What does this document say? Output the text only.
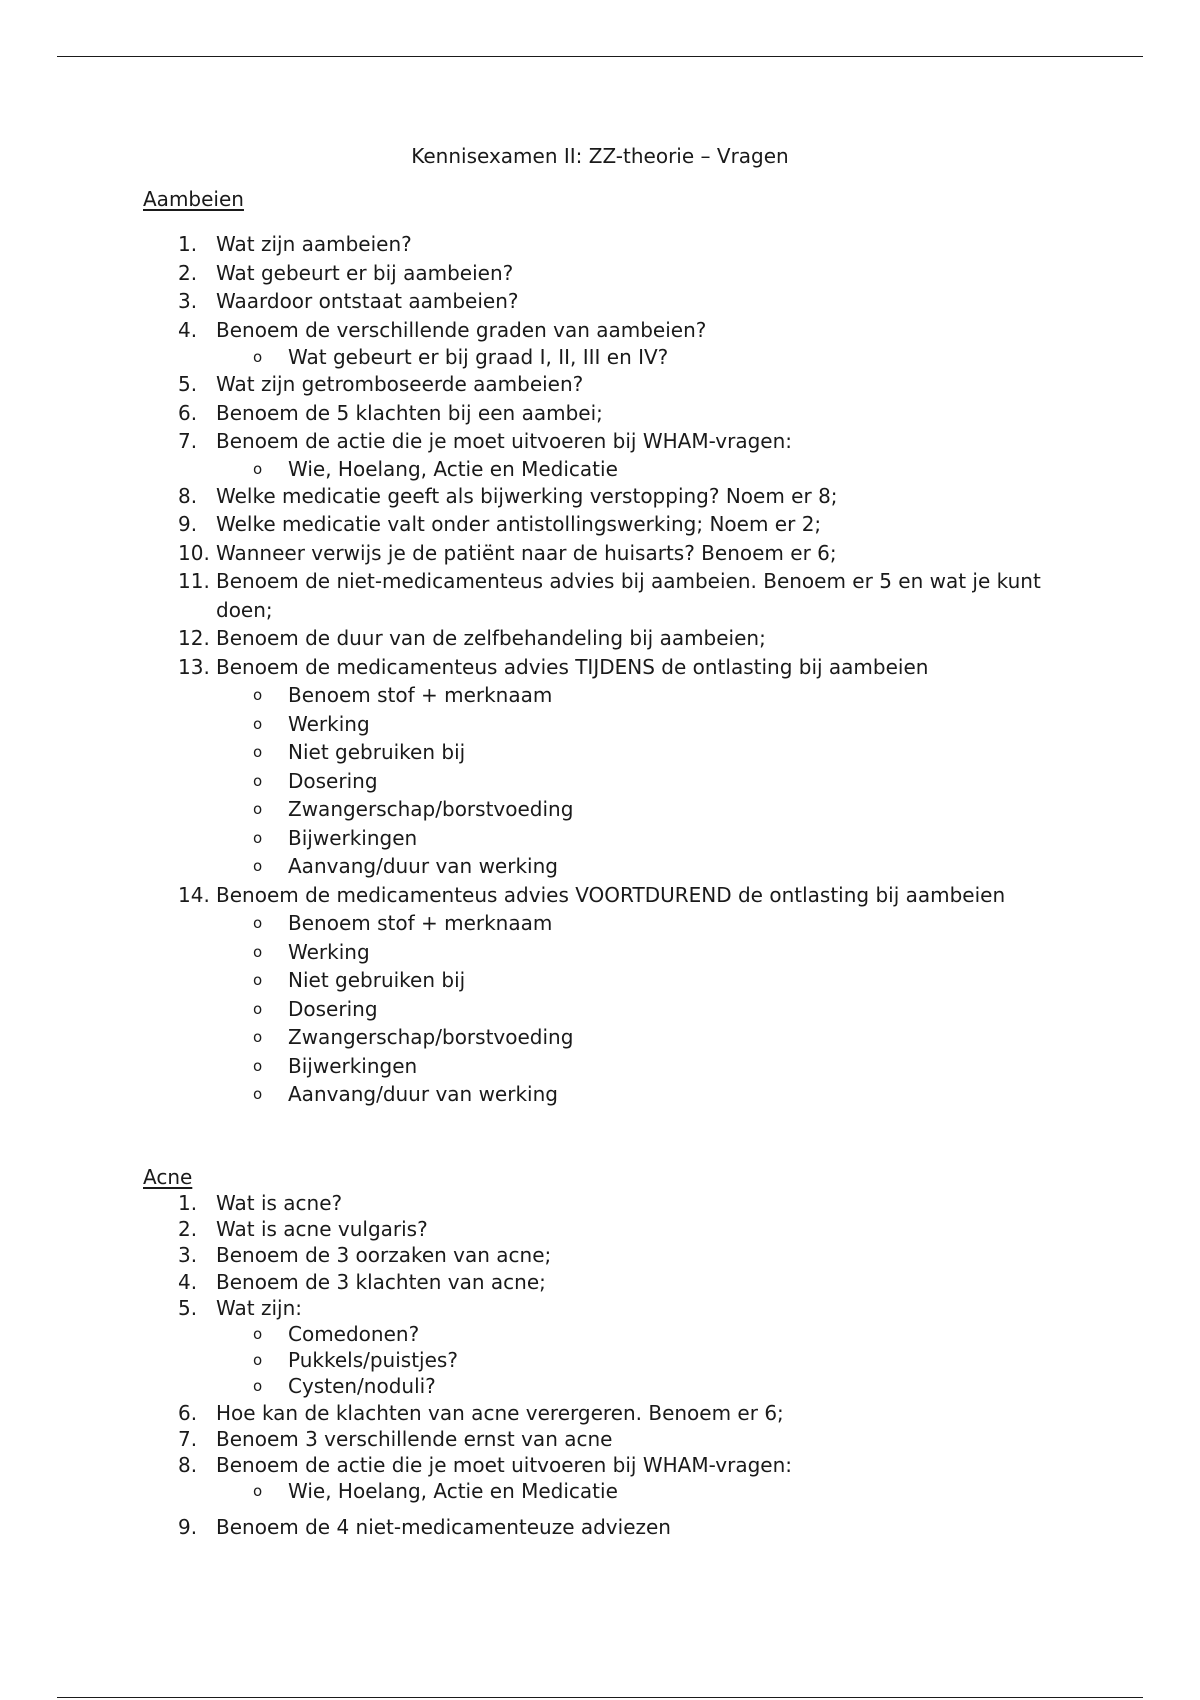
Kennisexamen II: ZZ-theorie – Vragen
Aambeien
1. Wat zijn aambeien?
2. Wat gebeurt er bij aambeien?
3. Waardoor ontstaat aambeien?
4. Benoem de verschillende graden van aambeien?
o Wat gebeurt er bij graad I, II, III en IV?
5. Wat zijn getromboseerde aambeien?
6. Benoem de 5 klachten bij een aambei;
7. Benoem de actie die je moet uitvoeren bij WHAM-vragen:
o Wie, Hoelang, Actie en Medicatie
8. Welke medicatie geeft als bijwerking verstopping? Noem er 8;
9. Welke medicatie valt onder antistollingswerking; Noem er 2;
10. Wanneer verwijs je de patiënt naar de huisarts? Benoem er 6;
11. Benoem de niet-medicamenteus advies bij aambeien. Benoem er 5 en wat je kunt doen;
12. Benoem de duur van de zelfbehandeling bij aambeien;
13. Benoem de medicamenteus advies TIJDENS de ontlasting bij aambeien
o Benoem stof + merknaam
o Werking
o Niet gebruiken bij
o Dosering
o Zwangerschap/borstvoeding
o Bijwerkingen
o Aanvang/duur van werking
14. Benoem de medicamenteus advies VOORTDUREND de ontlasting bij aambeien
o Benoem stof + merknaam
o Werking
o Niet gebruiken bij
o Dosering
o Zwangerschap/borstvoeding
o Bijwerkingen
o Aanvang/duur van werking
Acne
1. Wat is acne?
2. Wat is acne vulgaris?
3. Benoem de 3 oorzaken van acne;
4. Benoem de 3 klachten van acne;
5. Wat zijn:
o Comedonen?
o Pukkels/puistjes?
o Cysten/noduli?
6. Hoe kan de klachten van acne verergeren. Benoem er 6;
7. Benoem 3 verschillende ernst van acne
8. Benoem de actie die je moet uitvoeren bij WHAM-vragen:
o Wie, Hoelang, Actie en Medicatie
9. Benoem de 4 niet-medicamenteuze adviezen
